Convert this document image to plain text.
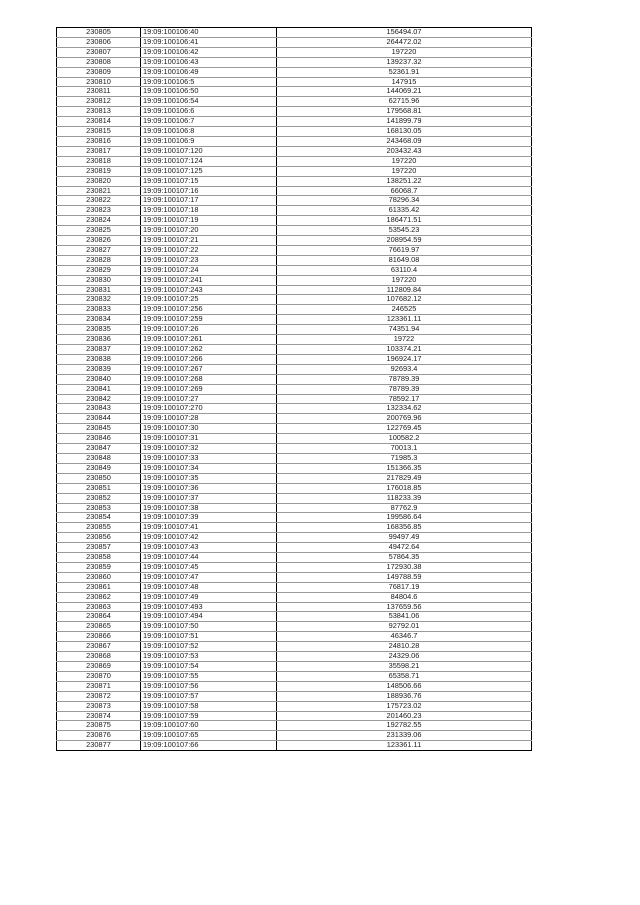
230805	19:09:100106:40	156494.07
230806	19:09:100106:41	264472.02
230807	19:09:100106:42	197220
230808	19:09:100106:43	139237.32
230809	19:09:100106:49	52361.91
230810	19:09:100106:5	147915
230811	19:09:100106:50	144069.21
230812	19:09:100106:54	62715.96
230813	19:09:100106:6	179568.81
230814	19:09:100106:7	141899.79
230815	19:09:100106:8	168130.05
230816	19:09:100106:9	243468.09
230817	19:09:100107:120	203432.43
230818	19:09:100107:124	197220
230819	19:09:100107:125	197220
230820	19:09:100107:15	138251.22
230821	19:09:100107:16	66068.7
230822	19:09:100107:17	78296.34
230823	19:09:100107:18	61335.42
230824	19:09:100107:19	186471.51
230825	19:09:100107:20	53545.23
230826	19:09:100107:21	208954.59
230827	19:09:100107:22	76619.97
230828	19:09:100107:23	81649.08
230829	19:09:100107:24	63110.4
230830	19:09:100107:241	197220
230831	19:09:100107:243	112809.84
230832	19:09:100107:25	107682.12
230833	19:09:100107:256	246525
230834	19:09:100107:259	123361.11
230835	19:09:100107:26	74351.94
230836	19:09:100107:261	19722
230837	19:09:100107:262	103374.21
230838	19:09:100107:266	196924.17
230839	19:09:100107:267	92693.4
230840	19:09:100107:268	78789.39
230841	19:09:100107:269	78789.39
230842	19:09:100107:27	78592.17
230843	19:09:100107:270	132334.62
230844	19:09:100107:28	200769.96
230845	19:09:100107:30	122769.45
230846	19:09:100107:31	100582.2
230847	19:09:100107:32	70013.1
230848	19:09:100107:33	71985.3
230849	19:09:100107:34	151366.35
230850	19:09:100107:35	217829.49
230851	19:09:100107:36	176018.85
230852	19:09:100107:37	118233.39
230853	19:09:100107:38	87762.9
230854	19:09:100107:39	199586.64
230855	19:09:100107:41	168356.85
230856	19:09:100107:42	99497.49
230857	19:09:100107:43	49472.64
230858	19:09:100107:44	57864.35
230859	19:09:100107:45	172930.38
230860	19:09:100107:47	149788.59
230861	19:09:100107:48	76817.19
230862	19:09:100107:49	84804.6
230863	19:09:100107:493	137659.56
230864	19:09:100107:494	53841.06
230865	19:09:100107:50	92792.01
230866	19:09:100107:51	46346.7
230867	19:09:100107:52	24810.28
230868	19:09:100107:53	24329.06
230869	19:09:100107:54	35598.21
230870	19:09:100107:55	65358.71
230871	19:09:100107:56	148506.66
230872	19:09:100107:57	188936.76
230873	19:09:100107:58	175723.02
230874	19:09:100107:59	201460.23
230875	19:09:100107:60	192782.55
230876	19:09:100107:65	231339.06
230877	19:09:100107:66	123361.11
